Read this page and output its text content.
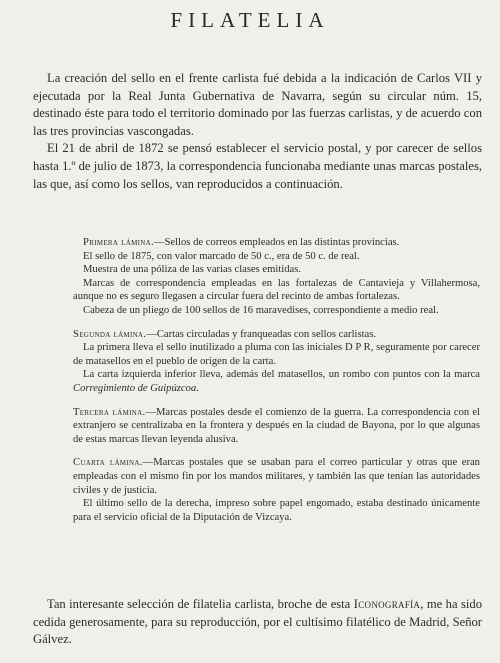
FILATELIA

La creación del sello en el frente carlista fué debida a la indicación de Carlos VII y ejecutada por la Real Junta Gubernativa de Navarra, según su circular núm. 15, destinado éste para todo el territorio dominado por las fuerzas carlistas, y de acuerdo con las tres provincias vascongadas.

El 21 de abril de 1872 se pensó establecer el servicio postal, y por carecer de sellos hasta 1.º de julio de 1873, la correspondencia funcionaba mediante unas marcas postales, las que, así como los sellos, van reproducidos a continuación.

Primera lámina.—Sellos de correos empleados en las distintas provincias.

El sello de 1875, con valor marcado de 50 c., era de 50 c. de real.

Muestra de una póliza de las varias clases emitidas.

Marcas de correspondencia empleadas en las fortalezas de Cantavieja y Villahermosa, aunque no es seguro llegasen a circular fuera del recinto de ambas fortalezas.

Cabeza de un pliego de 100 sellos de 16 maravedises, correspondiente a medio real.

Segunda lámina.—Cartas circuladas y franqueadas con sellos carlistas.

La primera lleva el sello inutilizado a pluma con las iniciales D P R, seguramente por carecer de matasellos en el pueblo de origen de la carta.

La carta izquierda inferior lleva, además del matasellos, un rombo con puntos con la marca Corregimiento de Guipúzcoa.

Tercera lámina.—Marcas postales desde el comienzo de la guerra. La correspondencia con el extranjero se centralizaba en la frontera y después en la ciudad de Bayona, por lo que algunas de estas marcas llevan leyenda alusiva.

Cuarta lámina.—Marcas postales que se usaban para el correo particular y otras que eran empleadas con el mismo fin por los mandos militares, y también las que tenían las autoridades civiles y de justicia.

El último sello de la derecha, impreso sobre papel engomado, estaba destinado únicamente para el servicio oficial de la Diputación de Vizcaya.

Tan interesante selección de filatelia carlista, broche de esta Iconografía, me ha sido cedida generosamente, para su reproducción, por el cultísimo filatélico de Madrid, Señor Gálvez.
